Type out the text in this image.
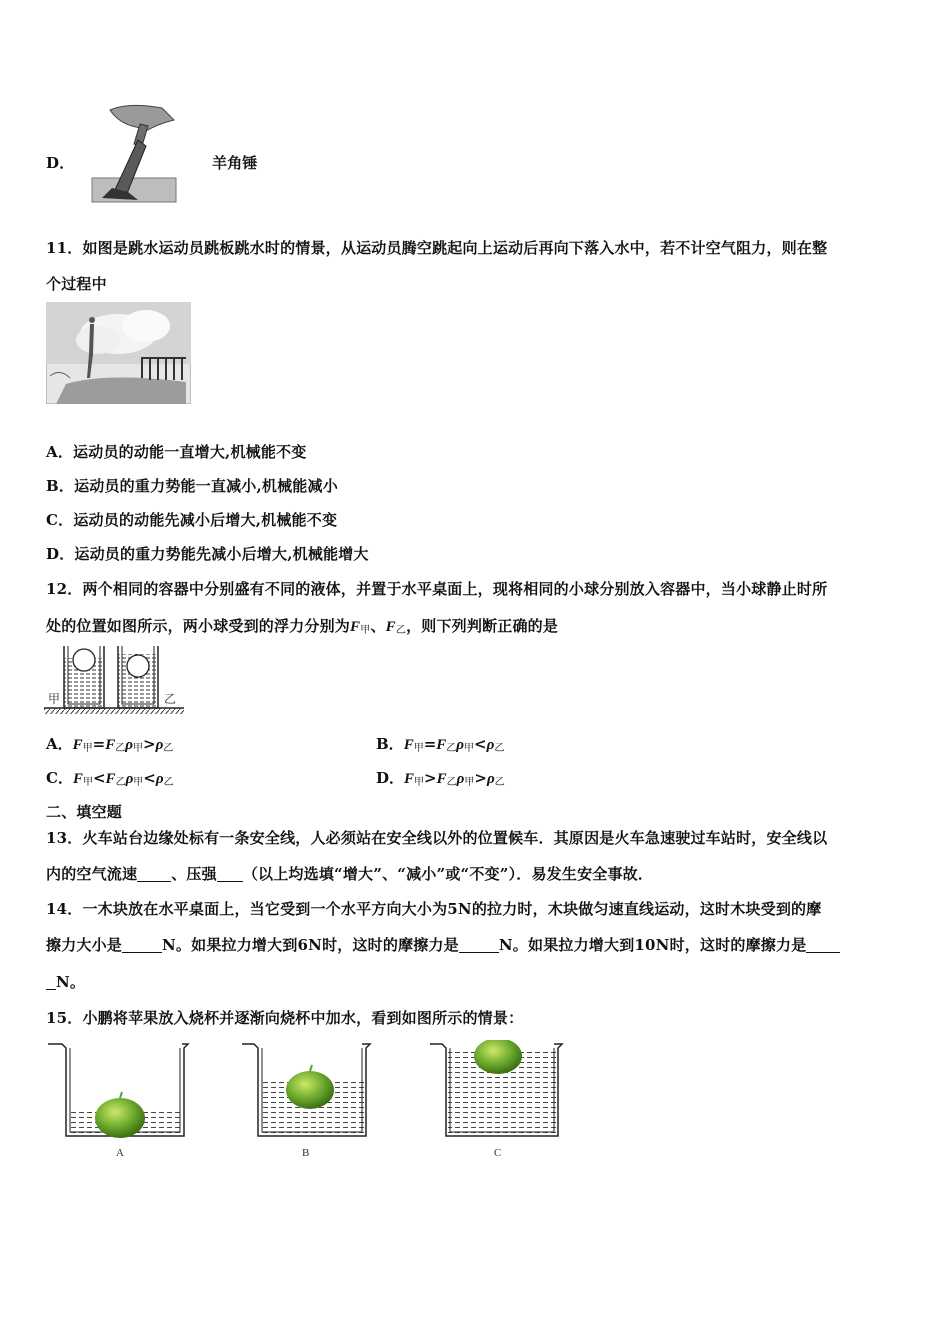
D．	羊角锤
11．如图是跳水运动员跳板跳水时的情景，从运动员腾空跳起向上运动后再向下落入水中，若不计空气阻力，则在整
个过程中
A．运动员的动能一直增大,机械能不变
B．运动员的重力势能一直减小,机械能减小
C．运动员的动能先减小后增大,机械能不变
D．运动员的重力势能先减小后增大,机械能增大
12．两个相同的容器中分别盛有不同的液体，并置于水平桌面上，现将相同的小球分别放入容器中，当小球静止时所
处的位置如图所示，两小球受到的浮力分别为$F_甲$、$F_乙$，则下列判断正确的是
甲	乙
A．$F_甲=F_乙\rho_甲>\rho_乙$	B．$F_甲=F_乙\rho_甲<\rho_乙$
C．$F_甲<F_乙\rho_甲<\rho_乙$	D．$F_甲>F_乙\rho_甲>\rho_乙$
二、填空题
13．火车站台边缘处标有一条安全线，人必须站在安全线以外的位置候车．其原因是火车急速驶过车站时，安全线以
内的空气流速 、压强 （以上均选填“增大”、“减小”或“不变”）．易发生安全事故．
14．一木块放在水平桌面上，当它受到一个水平方向大小为5N的拉力时，木块做匀速直线运动，这时木块受到的摩
擦力大小是	N。如果拉力增大到6N时，这时的摩擦力是	N。如果拉力增大到10N时，这时的摩擦力是
N。
15．小鹏将苹果放入烧杯并逐渐向烧杯中加水，看到如图所示的情景：
A	B	C
